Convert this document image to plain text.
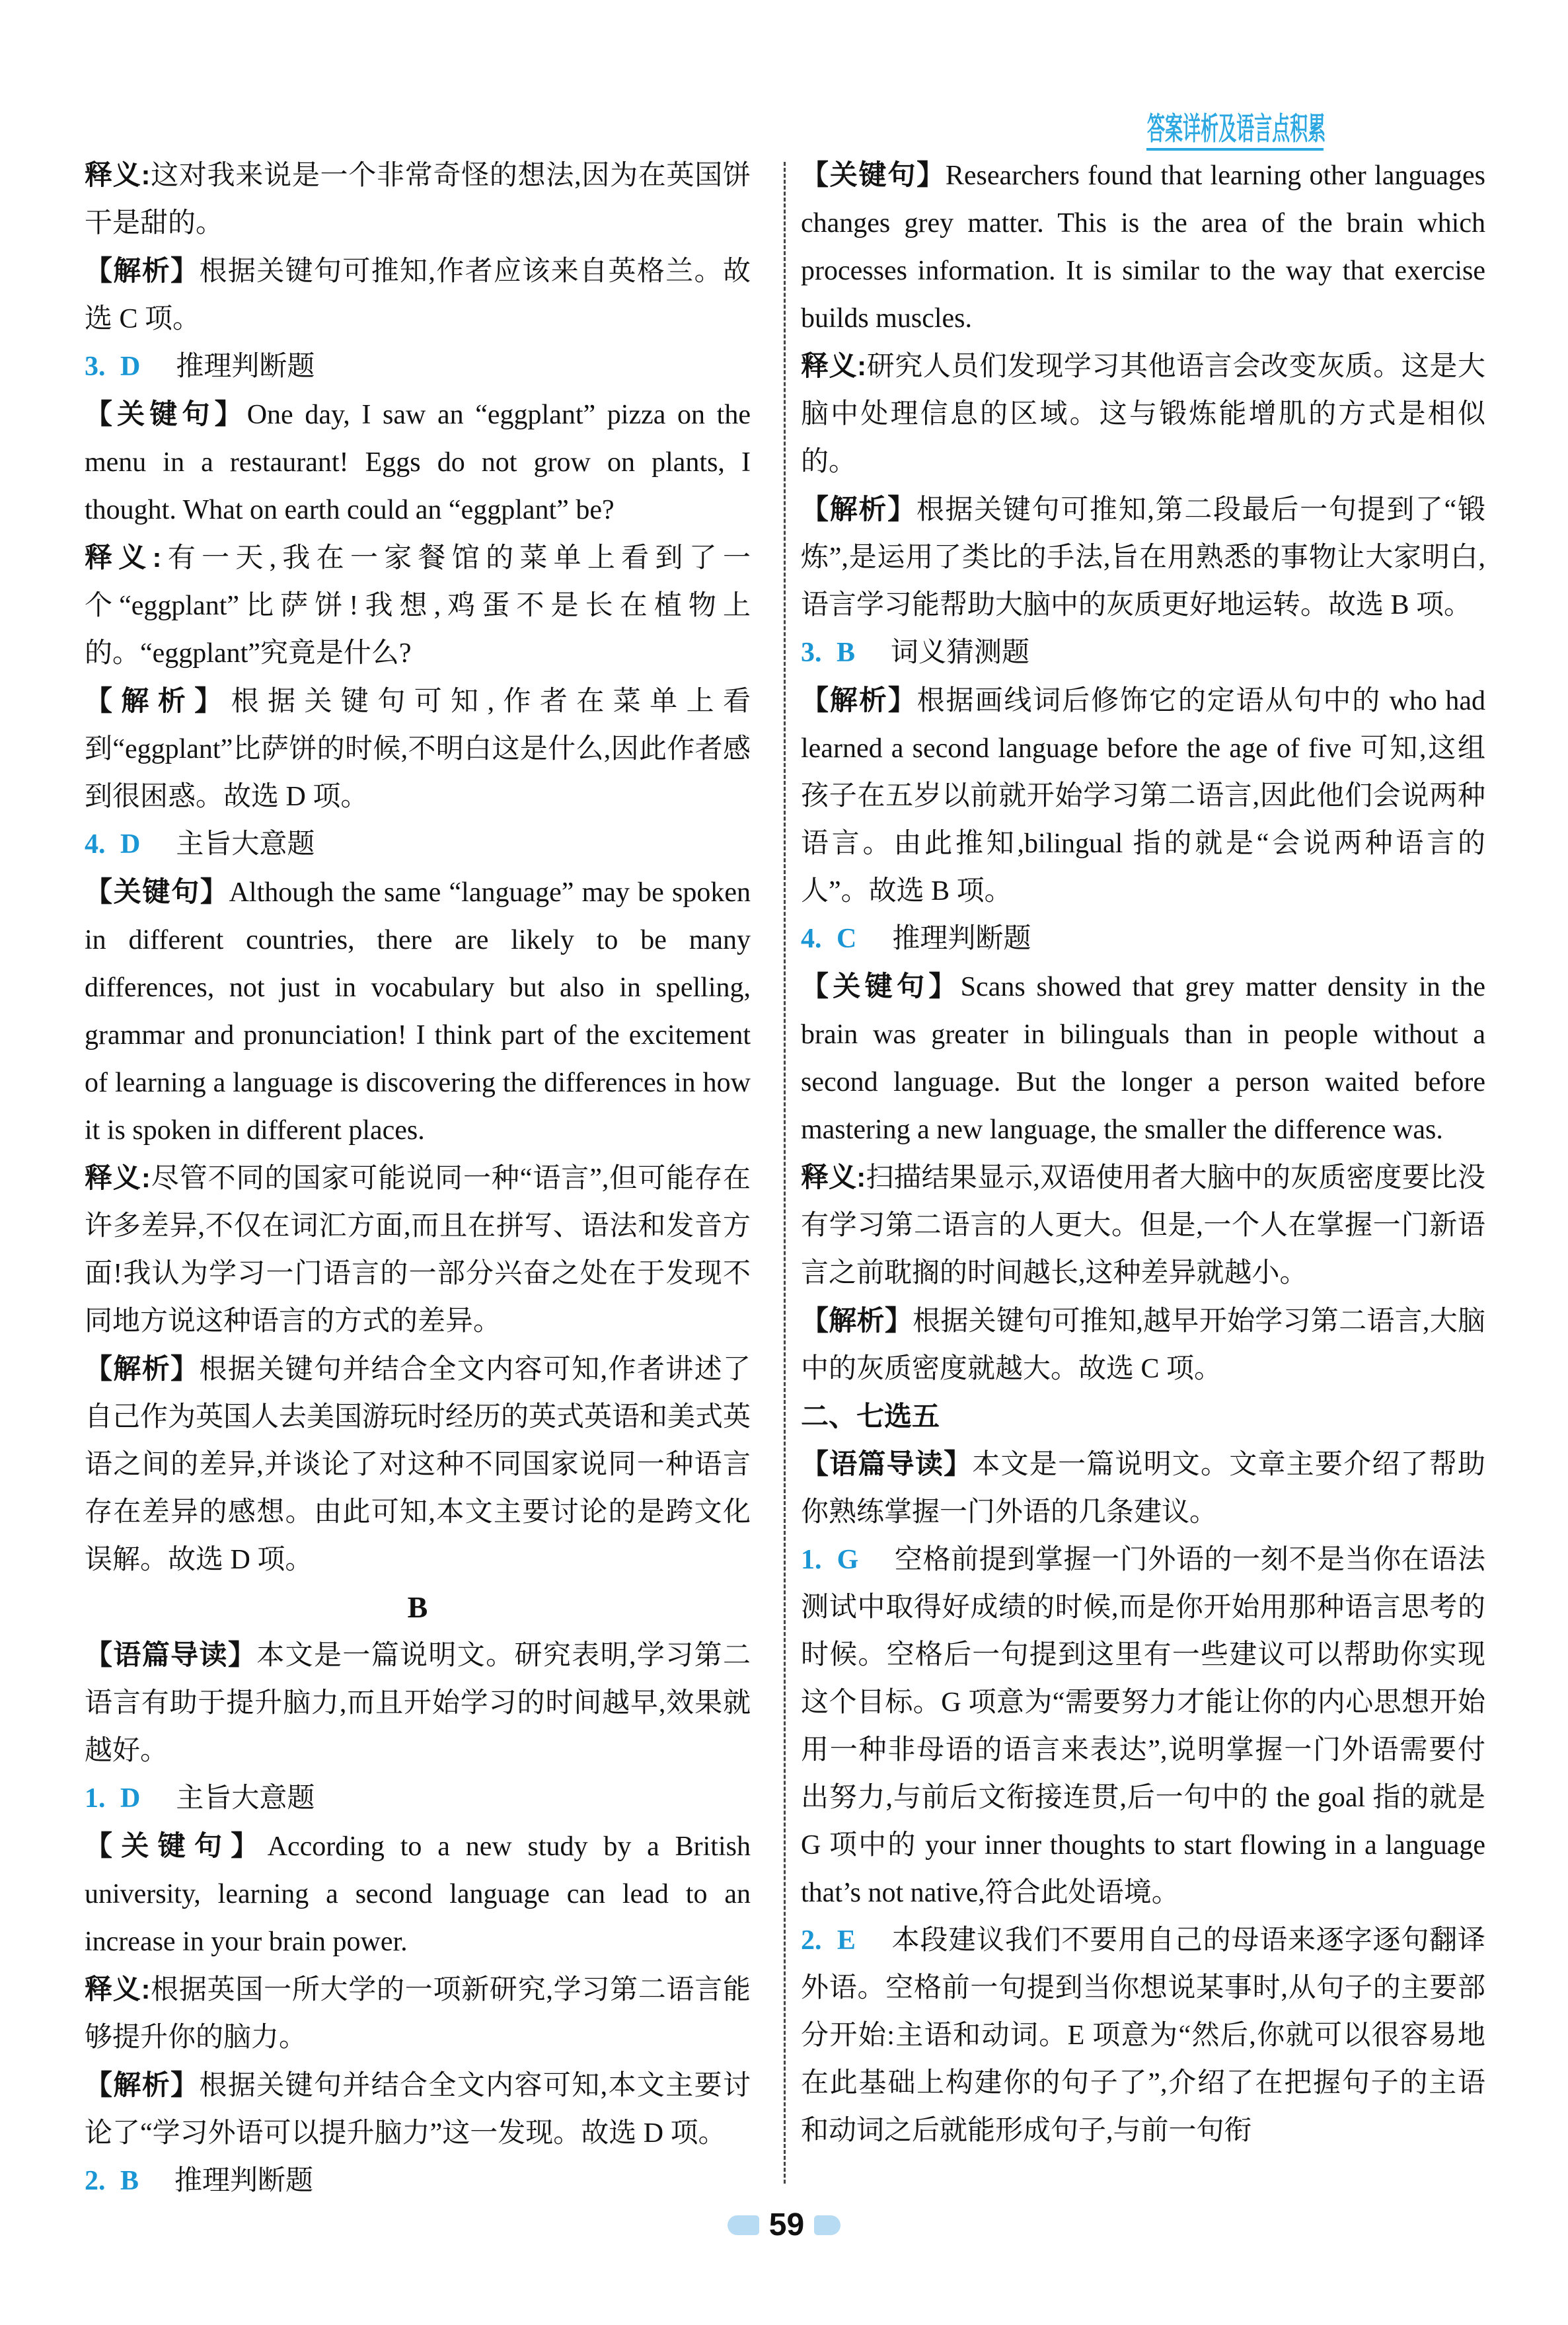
答案详析及语言点积累

释义:这对我来说是一个非常奇怪的想法,因为在英国饼干是甜的。

【解析】根据关键句可推知,作者应该来自英格兰。故选 C 项。

3. D 推理判断题

【关键句】One day, I saw an “eggplant” pizza on the menu in a restaurant! Eggs do not grow on plants, I thought. What on earth could an “eggplant” be?

释义:有一天,我在一家餐馆的菜单上看到了一个“eggplant”比萨饼!我想,鸡蛋不是长在植物上的。“eggplant”究竟是什么?

【解析】根据关键句可知,作者在菜单上看到“eggplant”比萨饼的时候,不明白这是什么,因此作者感到很困惑。故选 D 项。

4. D 主旨大意题

【关键句】Although the same “language” may be spoken in different countries, there are likely to be many differences, not just in vocabulary but also in spelling, grammar and pronunciation! I think part of the excitement of learning a language is discovering the differences in how it is spoken in different places.

释义:尽管不同的国家可能说同一种“语言”,但可能存在许多差异,不仅在词汇方面,而且在拼写、语法和发音方面!我认为学习一门语言的一部分兴奋之处在于发现不同地方说这种语言的方式的差异。

【解析】根据关键句并结合全文内容可知,作者讲述了自己作为英国人去美国游玩时经历的英式英语和美式英语之间的差异,并谈论了对这种不同国家说同一种语言存在差异的感想。由此可知,本文主要讨论的是跨文化误解。故选 D 项。

B

【语篇导读】本文是一篇说明文。研究表明,学习第二语言有助于提升脑力,而且开始学习的时间越早,效果就越好。

1. D 主旨大意题

【关键句】According to a new study by a British university, learning a second language can lead to an increase in your brain power.

释义:根据英国一所大学的一项新研究,学习第二语言能够提升你的脑力。

【解析】根据关键句并结合全文内容可知,本文主要讨论了“学习外语可以提升脑力”这一发现。故选 D 项。

2. B 推理判断题

【关键句】Researchers found that learning other languages changes grey matter. This is the area of the brain which processes information. It is similar to the way that exercise builds muscles.

释义:研究人员们发现学习其他语言会改变灰质。这是大脑中处理信息的区域。这与锻炼能增肌的方式是相似的。

【解析】根据关键句可推知,第二段最后一句提到了“锻炼”,是运用了类比的手法,旨在用熟悉的事物让大家明白,语言学习能帮助大脑中的灰质更好地运转。故选 B 项。

3. B 词义猜测题

【解析】根据画线词后修饰它的定语从句中的 who had learned a second language before the age of five 可知,这组孩子在五岁以前就开始学习第二语言,因此他们会说两种语言。由此推知,bilingual 指的就是“会说两种语言的人”。故选 B 项。

4. C 推理判断题

【关键句】Scans showed that grey matter density in the brain was greater in bilinguals than in people without a second language. But the longer a person waited before mastering a new language, the smaller the difference was.

释义:扫描结果显示,双语使用者大脑中的灰质密度要比没有学习第二语言的人更大。但是,一个人在掌握一门新语言之前耽搁的时间越长,这种差异就越小。

【解析】根据关键句可推知,越早开始学习第二语言,大脑中的灰质密度就越大。故选 C 项。

二、七选五

【语篇导读】本文是一篇说明文。文章主要介绍了帮助你熟练掌握一门外语的几条建议。

1. G 空格前提到掌握一门外语的一刻不是当你在语法测试中取得好成绩的时候,而是你开始用那种语言思考的时候。空格后一句提到这里有一些建议可以帮助你实现这个目标。G 项意为“需要努力才能让你的内心思想开始用一种非母语的语言来表达”,说明掌握一门外语需要付出努力,与前后文衔接连贯,后一句中的 the goal 指的就是 G 项中的 your inner thoughts to start flowing in a language that’s not native,符合此处语境。

2. E 本段建议我们不要用自己的母语来逐字逐句翻译外语。空格前一句提到当你想说某事时,从句子的主要部分开始:主语和动词。E 项意为“然后,你就可以很容易地在此基础上构建你的句子了”,介绍了在把握句子的主语和动词之后就能形成句子,与前一句衔

59
